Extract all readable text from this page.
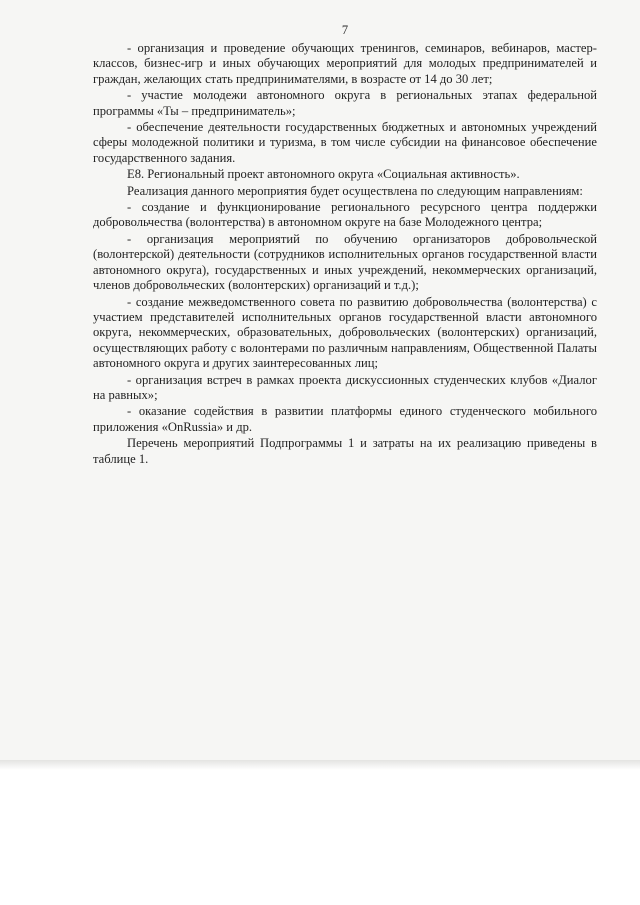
7

- организация и проведение обучающих тренингов, семинаров, вебинаров, мастер-классов, бизнес-игр и иных обучающих мероприятий для молодых предпринимателей и граждан, желающих стать предпринимателями, в возрасте от 14 до 30 лет;

- участие молодежи автономного округа в региональных этапах федеральной программы «Ты – предприниматель»;

- обеспечение деятельности государственных бюджетных и автономных учреждений сферы молодежной политики и туризма, в том числе субсидии на финансовое обеспечение государственного задания.

Е8. Региональный проект автономного округа «Социальная активность».

Реализация данного мероприятия будет осуществлена по следующим направлениям:

- создание и функционирование регионального ресурсного центра поддержки добровольчества (волонтерства) в автономном округе на базе Молодежного центра;

- организация мероприятий по обучению организаторов добровольческой (волонтерской) деятельности (сотрудников исполнительных органов государственной власти автономного округа), государственных и иных учреждений, некоммерческих организаций, членов добровольческих (волонтерских) организаций и т.д.);

- создание межведомственного совета по развитию добровольчества (волонтерства) с участием представителей исполнительных органов государственной власти автономного округа, некоммерческих, образовательных, добровольческих (волонтерских) организаций, осуществляющих работу с волонтерами по различным направлениям, Общественной Палаты автономного округа и других заинтересованных лиц;

- организация встреч в рамках проекта дискуссионных студенческих клубов «Диалог на равных»;

- оказание содействия в развитии платформы единого студенческого мобильного приложения «OnRussia» и др.

Перечень мероприятий Подпрограммы 1 и затраты на их реализацию приведены в таблице 1.
